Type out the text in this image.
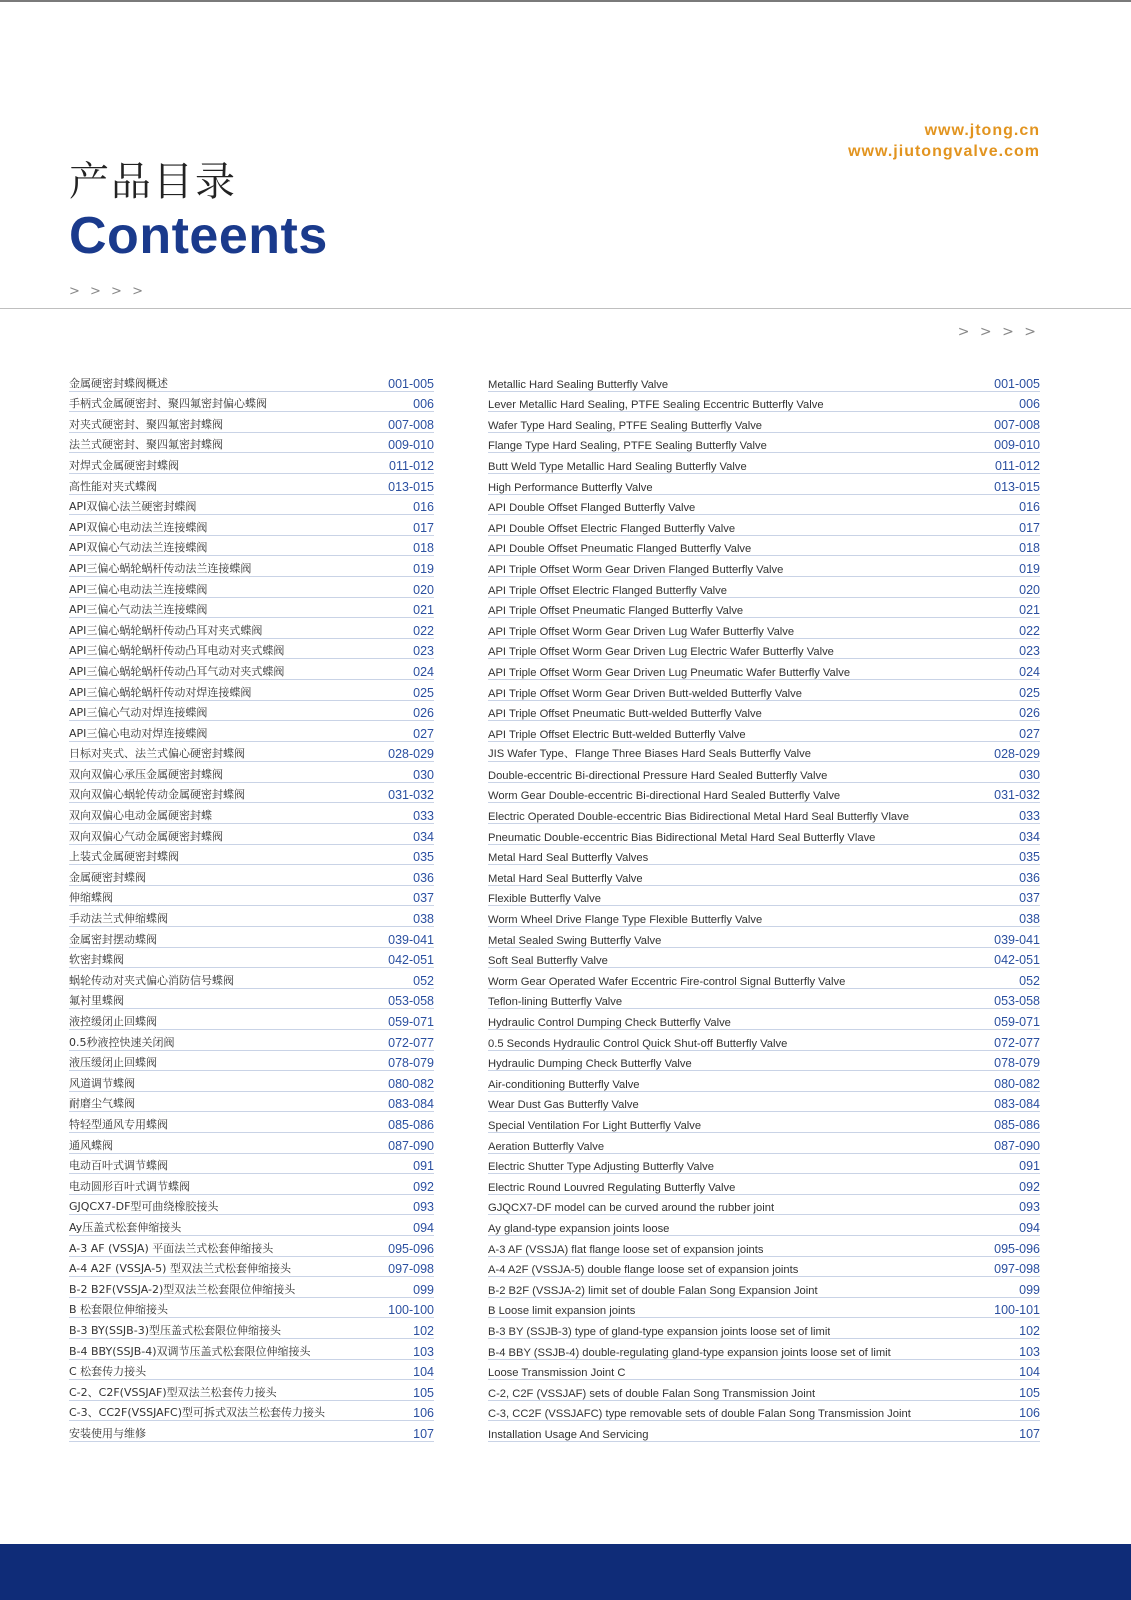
www.jtong.cn
www.jiutongvalve.com
产品目录
Conteents
> > > >
> > > >
金属硬密封蝶阀概述	001-005
手柄式金属硬密封、聚四氟密封偏心蝶阀	006
对夹式硬密封、聚四氟密封蝶阀	007-008
法兰式硬密封、聚四氟密封蝶阀	009-010
对焊式金属硬密封蝶阀	011-012
高性能对夹式蝶阀	013-015
API双偏心法兰硬密封蝶阀	016
API双偏心电动法兰连接蝶阀	017
API双偏心气动法兰连接蝶阀	018
API三偏心蜗轮蜗杆传动法兰连接蝶阀	019
API三偏心电动法兰连接蝶阀	020
API三偏心气动法兰连接蝶阀	021
API三偏心蜗轮蜗杆传动凸耳对夹式蝶阀	022
API三偏心蜗轮蜗杆传动凸耳电动对夹式蝶阀	023
API三偏心蜗轮蜗杆传动凸耳气动对夹式蝶阀	024
API三偏心蜗轮蜗杆传动对焊连接蝶阀	025
API三偏心气动对焊连接蝶阀	026
API三偏心电动对焊连接蝶阀	027
日标对夹式、法兰式偏心硬密封蝶阀	028-029
双向双偏心承压金属硬密封蝶阀	030
双向双偏心蜗轮传动金属硬密封蝶阀	031-032
双向双偏心电动金属硬密封蝶	033
双向双偏心气动金属硬密封蝶阀	034
上装式金属硬密封蝶阀	035
金属硬密封蝶阀	036
伸缩蝶阀	037
手动法兰式伸缩蝶阀	038
金属密封摆动蝶阀	039-041
软密封蝶阀	042-051
蜗轮传动对夹式偏心消防信号蝶阀	052
氟衬里蝶阀	053-058
液控缓闭止回蝶阀	059-071
0.5秒液控快速关闭阀	072-077
液压缓闭止回蝶阀	078-079
风道调节蝶阀	080-082
耐磨尘气蝶阀	083-084
特轻型通风专用蝶阀	085-086
通风蝶阀	087-090
电动百叶式调节蝶阀	091
电动圆形百叶式调节蝶阀	092
GJQCX7-DF型可曲绕橡胶接头	093
Ay压盖式松套伸缩接头	094
A-3 AF (VSSJA) 平面法兰式松套伸缩接头	095-096
A-4 A2F (VSSJA-5) 型双法兰式松套伸缩接头	097-098
B-2 B2F(VSSJA-2)型双法兰松套限位伸缩接头	099
B 松套限位伸缩接头	100-100
B-3 BY(SSJB-3)型压盖式松套限位伸缩接头	102
B-4 BBY(SSJB-4)双调节压盖式松套限位伸缩接头	103
C 松套传力接头	104
C-2、C2F(VSSJAF)型双法兰松套传力接头	105
C-3、CC2F(VSSJAFC)型可拆式双法兰松套传力接头	106
安装使用与维修	107
Metallic Hard Sealing Butterfly Valve	001-005
Lever Metallic Hard Sealing, PTFE Sealing Eccentric Butterfly Valve	006
Wafer Type Hard Sealing, PTFE Sealing Butterfly Valve	007-008
Flange Type Hard Sealing, PTFE Sealing Butterfly Valve	009-010
Butt Weld Type Metallic Hard Sealing Butterfly Valve	011-012
High Performance Butterfly Valve	013-015
API Double Offset Flanged Butterfly Valve	016
API Double Offset Electric Flanged Butterfly Valve	017
API Double Offset Pneumatic Flanged Butterfly Valve	018
API Triple Offset Worm Gear Driven Flanged Butterfly Valve	019
API Triple Offset Electric Flanged Butterfly Valve	020
API Triple Offset Pneumatic Flanged Butterfly Valve	021
API Triple Offset Worm Gear Driven Lug Wafer Butterfly Valve	022
API Triple Offset Worm Gear Driven Lug Electric Wafer Butterfly Valve	023
API Triple Offset Worm Gear Driven Lug Pneumatic Wafer Butterfly Valve	024
API Triple Offset Worm Gear Driven Butt-welded Butterfly Valve	025
API Triple Offset Pneumatic Butt-welded Butterfly Valve	026
API Triple Offset Electric Butt-welded Butterfly Valve	027
JIS Wafer Type、Flange Three Biases Hard Seals Butterfly Valve	028-029
Double-eccentric Bi-directional Pressure Hard Sealed Butterfly Valve	030
Worm Gear Double-eccentric Bi-directional Hard Sealed Butterfly Valve	031-032
Electric Operated Double-eccentric Bias Bidirectional Metal Hard Seal Butterfly Vlave	033
Pneumatic Double-eccentric Bias Bidirectional Metal Hard Seal Butterfly Vlave	034
Metal Hard Seal Butterfly Valves	035
Metal Hard Seal Butterfly Valve	036
Flexible Butterfly Valve	037
Worm Wheel Drive Flange Type Flexible Butterfly Valve	038
Metal Sealed Swing Butterfly Valve	039-041
Soft Seal Butterfly Valve	042-051
Worm Gear Operated Wafer Eccentric Fire-control Signal Butterfly Valve	052
Teflon-lining Butterfly Valve	053-058
Hydraulic Control Dumping Check Butterfly Valve	059-071
0.5 Seconds Hydraulic Control Quick Shut-off Butterfly Valve	072-077
Hydraulic Dumping Check Butterfly Valve	078-079
Air-conditioning Butterfly Valve	080-082
Wear Dust Gas Butterfly Valve	083-084
Special Ventilation For Light Butterfly Valve	085-086
Aeration Butterfly Valve	087-090
Electric Shutter Type Adjusting Butterfly Valve	091
Electric Round Louvred Regulating Butterfly Valve	092
GJQCX7-DF model can be curved around the rubber joint	093
Ay gland-type expansion joints loose	094
A-3 AF (VSSJA) flat flange loose set of expansion joints	095-096
A-4 A2F (VSSJA-5) double flange loose set of expansion joints	097-098
B-2 B2F (VSSJA-2) limit set of double Falan Song Expansion Joint	099
B Loose limit expansion joints	100-101
B-3 BY (SSJB-3) type of gland-type expansion joints loose set of limit	102
B-4 BBY (SSJB-4) double-regulating gland-type expansion joints loose set of limit	103
Loose Transmission Joint C	104
C-2, C2F (VSSJAF) sets of double Falan Song Transmission Joint	105
C-3, CC2F (VSSJAFC) type removable sets of double Falan Song Transmission Joint	106
Installation Usage And Servicing	107
